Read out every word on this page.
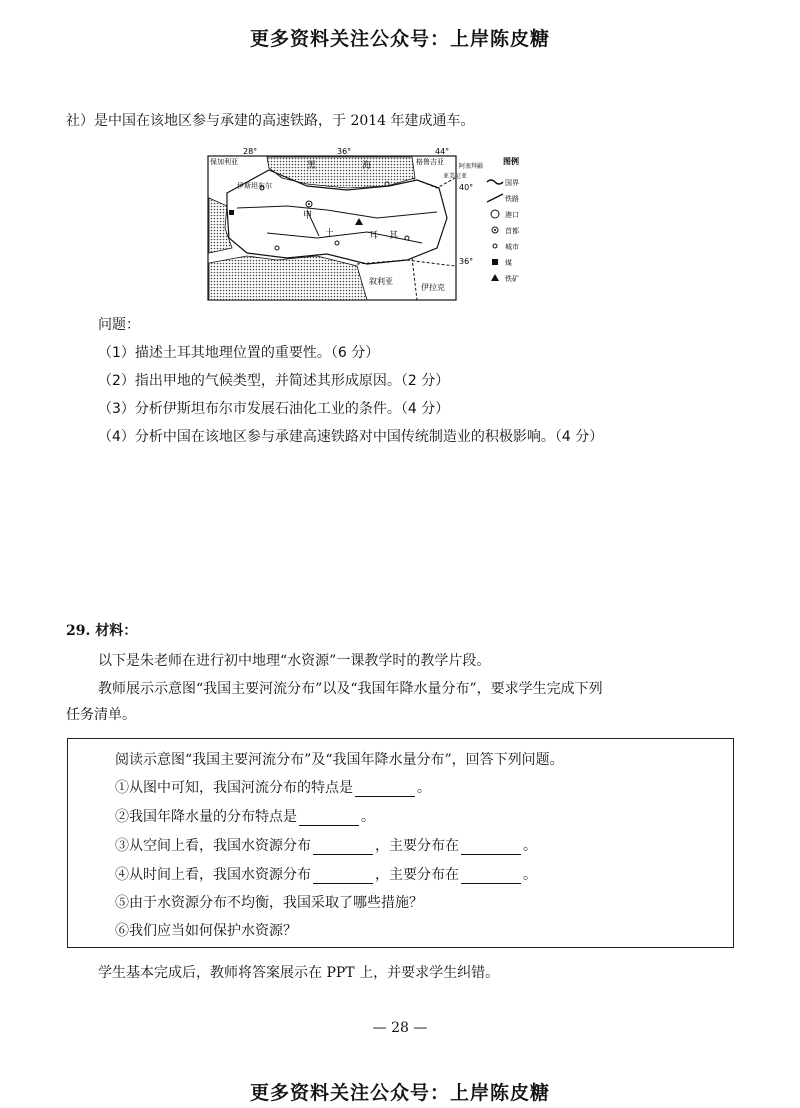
更多资料关注公众号：上岸陈皮糖
社）是中国在该地区参与承建的高速铁路，于 2014 年建成通车。
28°	36°	44°
40°
36°
保加利亚	黑	海	格鲁吉亚
伊斯坦布尔
甲
土	耳 其
亚美尼亚
阿塞拜疆
叙利亚
伊拉克
图例
国界
铁路
港口
首都
城市
煤
铁矿
问题：
（1）描述土耳其地理位置的重要性。（6 分）
（2）指出甲地的气候类型，并简述其形成原因。（2 分）
（3）分析伊斯坦布尔市发展石油化工业的条件。（4 分）
（4）分析中国在该地区参与承建高速铁路对中国传统制造业的积极影响。（4 分）
29. 材料：
以下是朱老师在进行初中地理“水资源”一课教学时的教学片段。
教师展示示意图“我国主要河流分布”以及“我国年降水量分布”，要求学生完成下列
任务清单。
阅读示意图“我国主要河流分布”及“我国年降水量分布”，回答下列问题。
①从图中可知，我国河流分布的特点是	。
②我国年降水量的分布特点是	。
③从空间上看，我国水资源分布	，主要分布在	。
④从时间上看，我国水资源分布	，主要分布在	。
⑤由于水资源分布不均衡，我国采取了哪些措施？
⑥我们应当如何保护水资源？
学生基本完成后，教师将答案展示在 PPT 上，并要求学生纠错。
— 28 —
更多资料关注公众号：上岸陈皮糖
